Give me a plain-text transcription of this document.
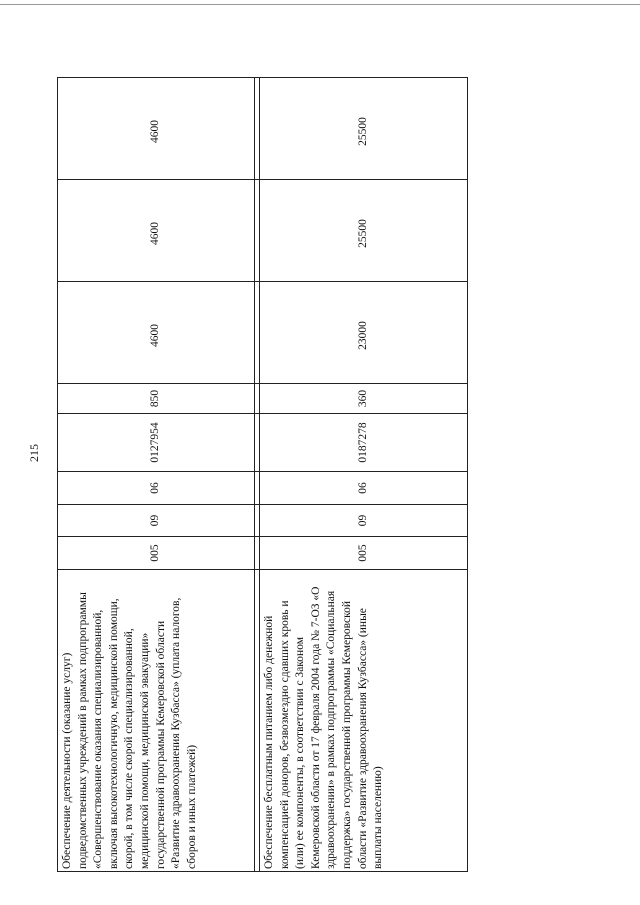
215
Обеспечение деятельности (оказание услуг) подведомственных учреждений в рамках подпрограммы «Совершенствование оказания специализированной, включая высокотехнологичную, медицинской помощи, скорой, в том числе скорой специализированной, медицинской помощи, медицинской эвакуации» государственной программы Кемеровской области «Развитие здравоохранения Кузбасса» (уплата налогов, сборов и иных платежей)	005	09	06	0127954	850	4600	4600	4600

Обеспечение бесплатным питанием либо денежной компенсацией доноров, безвозмездно сдавших кровь и (или) ее компоненты, в соответствии с Законом Кемеровской области от 17 февраля 2004 года № 7-ОЗ «О здравоохранении» в рамках подпрограммы «Социальная поддержка» государственной программы Кемеровской области «Развитие здравоохранения Кузбасса» (иные выплаты населению)	005	09	06	0187278	360	23000	25500	25500
